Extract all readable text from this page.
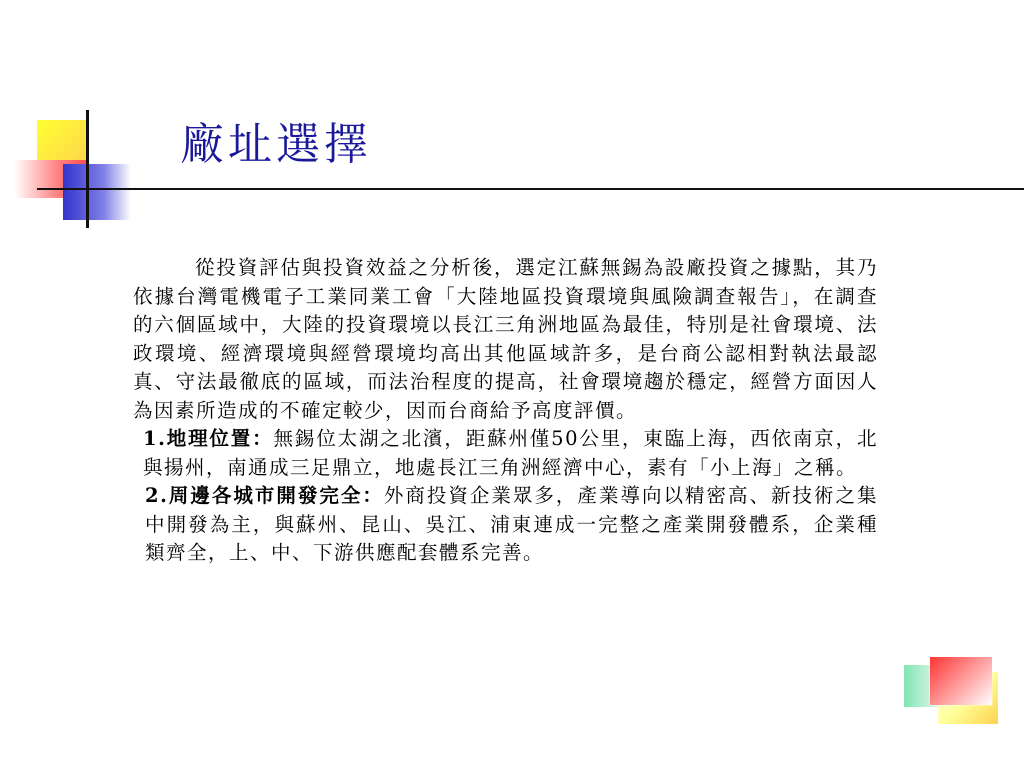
廠址選擇

從投資評估與投資效益之分析後，選定江蘇無錫為設廠投資之據點，其乃依據台灣電機電子工業同業工會「大陸地區投資環境與風險調查報告」，在調查的六個區域中，大陸的投資環境以長江三角洲地區為最佳，特別是社會環境、法政環境、經濟環境與經營環境均高出其他區域許多，是台商公認相對執法最認真、守法最徹底的區域，而法治程度的提高，社會環境趨於穩定，經營方面因人為因素所造成的不確定較少，因而台商給予高度評價。

1.地理位置：無錫位太湖之北濱，距蘇州僅50公里，東臨上海，西依南京，北與揚州，南通成三足鼎立，地處長江三角洲經濟中心，素有「小上海」之稱。

2.周邊各城市開發完全：外商投資企業眾多，產業導向以精密高、新技術之集中開發為主，與蘇州、昆山、吳江、浦東連成一完整之產業開發體系，企業種類齊全，上、中、下游供應配套體系完善。
